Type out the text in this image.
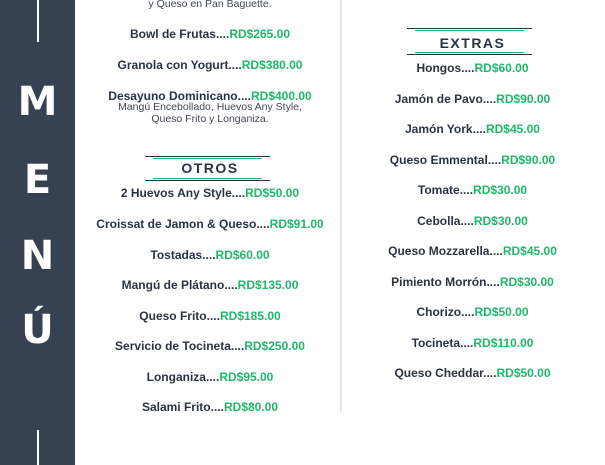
M
E
N
Ú
y Queso en Pan Baguette.
Bowl de Frutas....RD$265.00
Granola con Yogurt....RD$380.00
Desayuno Dominicano....RD$400.00
Mangú Encebollado, Huevos Any Style,
Queso Frito y Longaniza.
OTROS
2 Huevos Any Style....RD$50.00
Croissat de Jamon & Queso....RD$91.00
Tostadas....RD$60.00
Mangú de Plátano....RD$135.00
Queso Frito....RD$185.00
Servicio de Tocineta....RD$250.00
Longaniza....RD$95.00
Salami Frito....RD$80.00
EXTRAS
Hongos....RD$60.00
Jamón de Pavo....RD$90.00
Jamón York....RD$45.00
Queso Emmental....RD$90.00
Tomate....RD$30.00
Cebolla....RD$30.00
Queso Mozzarella....RD$45.00
Pimiento Morrón....RD$30.00
Chorizo....RD$50.00
Tocineta....RD$110.00
Queso Cheddar....RD$50.00
